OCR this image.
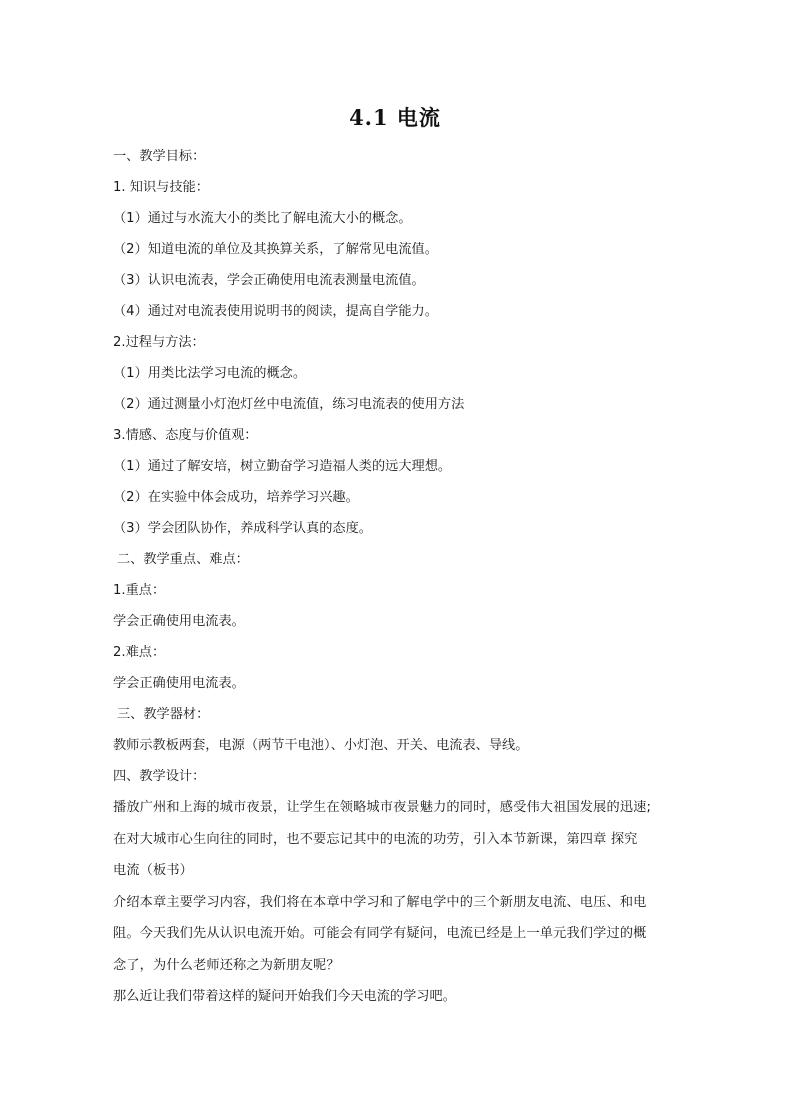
4.1 电流
一、教学目标：
1. 知识与技能：
（1）通过与水流大小的类比了解电流大小的概念。
（2）知道电流的单位及其换算关系，了解常见电流值。
（3）认识电流表，学会正确使用电流表测量电流值。
（4）通过对电流表使用说明书的阅读，提高自学能力。
2.过程与方法：
（1）用类比法学习电流的概念。
（2）通过测量小灯泡灯丝中电流值，练习电流表的使用方法
3.情感、态度与价值观：
（1）通过了解安培，树立勤奋学习造福人类的远大理想。
（2）在实验中体会成功，培养学习兴趣。
（3）学会团队协作，养成科学认真的态度。
二、教学重点、难点：
1.重点：
学会正确使用电流表。
2.难点：
学会正确使用电流表。
三、教学器材：
教师示教板两套，电源（两节干电池）、小灯泡、开关、电流表、导线。
四、教学设计：
播放广州和上海的城市夜景，让学生在领略城市夜景魅力的同时，感受伟大祖国发展的迅速;
在对大城市心生向往的同时，也不要忘记其中的电流的功劳，引入本节新课，第四章 探究
电流（板书）
介绍本章主要学习内容，我们将在本章中学习和了解电学中的三个新朋友电流、电压、和电
阻。今天我们先从认识电流开始。可能会有同学有疑问，电流已经是上一单元我们学过的概
念了，为什么老师还称之为新朋友呢？
那么近让我们带着这样的疑问开始我们今天电流的学习吧。
